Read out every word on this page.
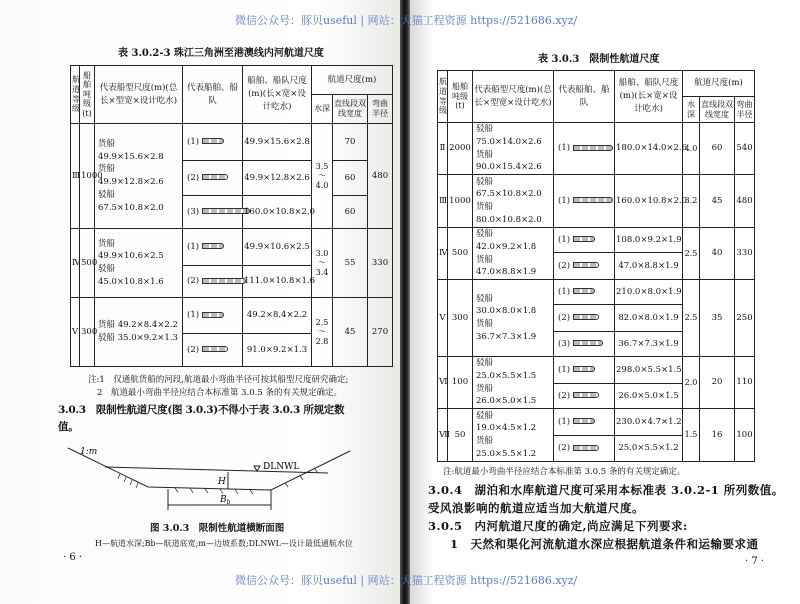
表 3.0.2-3 珠江三角洲至港澳线内河航道尺度
航道等级	船舶吨级(t)	代表船型尺度(m)(总长×型宽×设计吃水)	代表船舶、船队	船舶、船队尺度(m)(长×宽×设计吃水)	航道尺度(m)		
					水深	直线段双线宽度	弯曲半径
Ⅲ	1000	货船 49.9×15.6×2.8
货船 49.9×12.8×2.6
驳船 67.5×10.8×2.0	(1)	49.9×15.6×2.8	3.5～4.0	70	480
			(2)	49.9×12.8×2.6		60	
			(3)	160.0×10.8×2.0		60	
Ⅳ	500	货船 49.9×10.6×2.5
驳船 45.0×10.8×1.6	(1)	49.9×10.6×2.5	3.0～3.4	55	330
			(2)	111.0×10.8×1.6			
Ⅴ	300	货船 49.2×8.4×2.2
驳船 35.0×9.2×1.3	(1)	49.2×8.4×2.2	2.5～2.8	45	270
			(2)	91.0×9.2×1.3			
注:1　仅通航货船的河段,航道最小弯曲半径可按其船型尺度研究确定;
2　航道最小弯曲半径应结合本标准第 3.0.5 条的有关规定确定。
3.0.3　限制性航道尺度(图 3.0.3)不得小于表 3.0.3 所规定数
值。
1:m
DLNWL
H
$B_b$
图 3.0.3　限制性航道横断面图
H—航道水深;Bb—航道底宽;m—边坡系数;DLNWL—设计最低通航水位
· 6 ·
表 3.0.3　限制性航道尺度
航道等级	船舶吨级(t)	代表船型尺度(m)(总长×型宽×设计吃水)	代表船舶、船队	船舶、船队尺度(m)(长×宽×设计吃水)	航道尺度(m)		
					水深	直线段双线宽度	弯曲半径
Ⅱ	2000	驳船 75.0×14.0×2.6
货船 90.0×15.4×2.6	(1)	180.0×14.0×2.6	4.0	60	540
Ⅲ	1000	驳船 67.5×10.8×2.0
货船 80.0×10.8×2.0	(1)	160.0×10.8×2.0	3.2	45	480
Ⅳ	500	驳船 42.0×9.2×1.8
货船 47.0×8.8×1.9	(1)	108.0×9.2×1.9	2.5	40	330
			(2)	47.0×8.8×1.9			
Ⅴ	300	驳船 30.0×8.0×1.8
货船 36.7×7.3×1.9	(1)	210.0×8.0×1.9	2.5	35	250
			(2)	82.0×8.0×1.9			
			(3)	36.7×7.3×1.9			
Ⅵ	100	驳船 25.0×5.5×1.5
货船 26.0×5.0×1.5	(1)	298.0×5.5×1.5	2.0	20	110
			(2)	26.0×5.0×1.5			
Ⅶ	50	驳船 19.0×4.5×1.2
货船 25.0×5.5×1.2	(1)	230.0×4.7×1.2	1.5	16	100
			(2)	25.0×5.5×1.2			
注:航道最小弯曲半径应结合本标准第 3.0.5 条的有关规定确定。
3.0.4　湖泊和水库航道尺度可采用本标准表 3.0.2-1 所列数值。
受风浪影响的航道应适当加大航道尺度。
3.0.5　内河航道尺度的确定,尚应满足下列要求:
1　天然和渠化河流航道水深应根据航道条件和运输要求通
· 7 ·
微信公众号：豚贝useful | 网站：大猫工程资源 https://521686.xyz/
微信公众号：豚贝useful | 网站：大猫工程资源 https://521686.xyz/
